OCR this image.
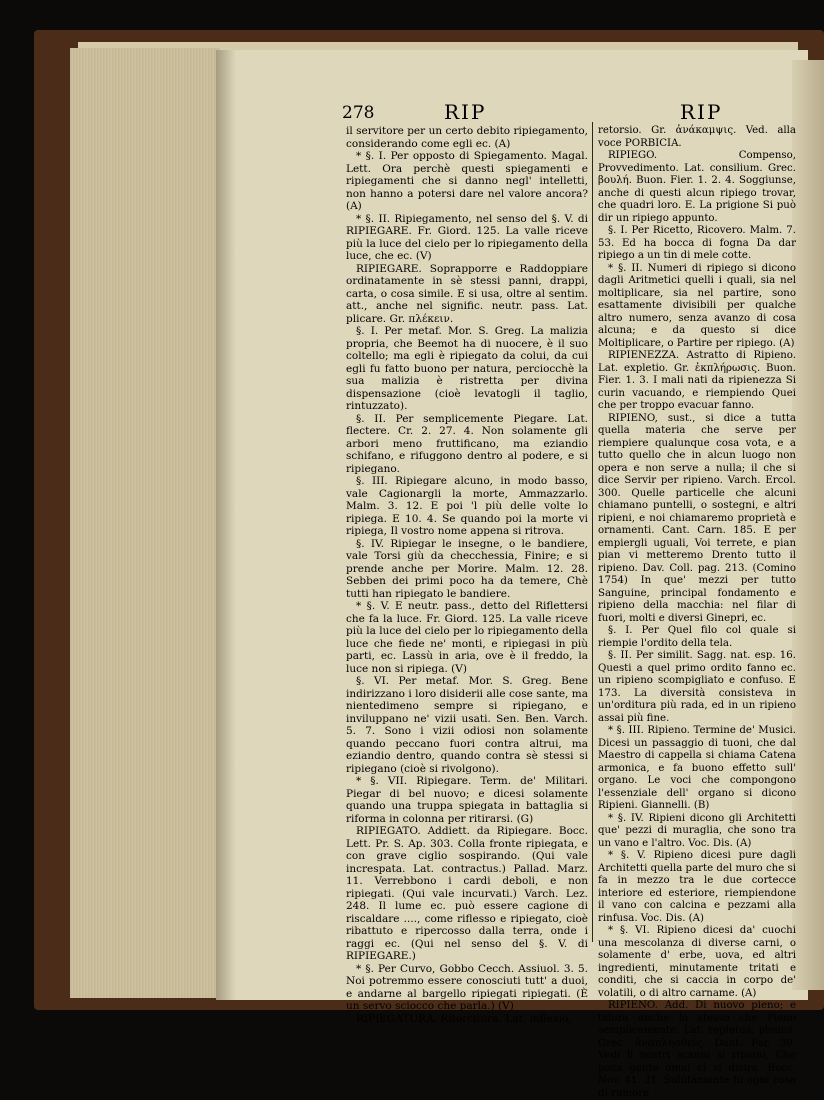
278	RIP	RIP

il servitore per un certo debito ripiegamento, considerando come egli ec. (A)

* §. I. Per opposto di Spiegamento. Magal. Lett. Ora perchè questi spiegamenti e ripiegamenti che si danno negl' intelletti, non hanno a potersi dare nel valore ancora? (A)

* §. II. Ripiegamento, nel senso del §. V. di RIPIEGARE. Fr. Giord. 125. La valle riceve più la luce del cielo per lo ripiegamento della luce, che ec. (V)

RIPIEGARE. Soprapporre e Raddoppiare ordinatamente in sè stessi panni, drappi, carta, o cosa simile. E si usa, oltre al sentim. att., anche nel signific. neutr. pass. Lat. plicare. Gr. πλέκειν.

§. I. Per metaf. Mor. S. Greg. La malizia propria, che Beemot ha di nuocere, è il suo coltello; ma egli è ripiegato da colui, da cui egli fu fatto buono per natura, perciocchè la sua malizia è ristretta per divina dispensazione (cioè levatogli il taglio, rintuzzato).

§. II. Per semplicemente Piegare. Lat. flectere. Cr. 2. 27. 4. Non solamente gli arbori meno fruttificano, ma eziandio schifano, e rifuggono dentro al podere, e si ripiegano.

§. III. Ripiegare alcuno, in modo basso, vale Cagionargli la morte, Ammazzarlo. Malm. 3. 12. E poi 'l più delle volte lo ripiega. E 10. 4. Se quando poi la morte vi ripiega, Il vostro nome appena si ritrova.

§. IV. Ripiegar le insegne, o le bandiere, vale Torsi giù da checchessia, Finire; e si prende anche per Morire. Malm. 12. 28. Sebben dei primi poco ha da temere, Chè tutti han ripiegato le bandiere.

* §. V. E neutr. pass., detto del Riflettersi che fa la luce. Fr. Giord. 125. La valle riceve più la luce del cielo per lo ripiegamento della luce che fiede ne' monti, e ripiegasi in più parti, ec. Lassù in aria, ove è il freddo, la luce non si ripiega. (V)

§. VI. Per metaf. Mor. S. Greg. Bene indirizzano i loro disiderii alle cose sante, ma nientedimeno sempre si ripiegano, e inviluppano ne' vizii usati. Sen. Ben. Varch. 5. 7. Sono i vizii odiosi non solamente quando peccano fuori contra altrui, ma eziandio dentro, quando contra sè stessi si ripiegano (cioè si rivolgono).

* §. VII. Ripiegare. Term. de' Militari. Piegar di bel nuovo; e dicesi solamente quando una truppa spiegata in battaglia si riforma in colonna per ritirarsi. (G)

RIPIEGATO. Addiett. da Ripiegare. Bocc. Lett. Pr. S. Ap. 303. Colla fronte ripiegata, e con grave ciglio sospirando. (Qui vale increspata. Lat. contractus.) Pallad. Marz. 11. Verrebbono i cardi deboli, e non ripiegati. (Qui vale incurvati.) Varch. Lez. 248. Il lume ec. può essere cagione di riscaldare ...., come riflesso e ripiegato, cioè ribattuto e ripercosso dalla terra, onde i raggi ec. (Qui nel senso del §. V. di RIPIEGARE.)

* §. Per Curvo, Gobbo Cecch. Assiuol. 3. 5. Noi potremmo essere conosciuti tutt' a duoi, e andarne al bargello ripiegati ripiegati. (È un servo sciocco che parla.) (V)

RIPIEGATURA. Ritorcitura. Lat. inflexio,

retorsio. Gr. ἀνάκαμψις. Ved. alla voce PORBICIA.

RIPIEGO. Compenso, Provvedimento. Lat. consilium. Grec. βουλή. Buon. Fier. 1. 2. 4. Soggiunse, anche di questi alcun ripiego trovar, che quadri loro. E. La prigione Si può dir un ripiego appunto.

§. I. Per Ricetto, Ricovero. Malm. 7. 53. Ed ha bocca di fogna Da dar ripiego a un tin di mele cotte.

* §. II. Numeri di ripiego si dicono dagli Aritmetici quelli i quali, sia nel moltiplicare, sia nel partire, sono esattamente divisibili per qualche altro numero, senza avanzo di cosa alcuna; e da questo si dice Moltiplicare, o Partire per ripiego. (A)

RIPIENEZZA. Astratto di Ripieno. Lat. expletio. Gr. ἐκπλήρωσις. Buon. Fier. 1. 3. I mali nati da ripienezza Si curin vacuando, e riempiendo Quei che per troppo evacuar fanno.

RIPIENO, sust., si dice a tutta quella materia che serve per riempiere qualunque cosa vota, e a tutto quello che in alcun luogo non opera e non serve a nulla; il che si dice Servir per ripieno. Varch. Ercol. 300. Quelle particelle che alcuni chiamano puntelli, o sostegni, e altri ripieni, e noi chiamaremo proprietà e ornamenti. Cant. Carn. 185. E per empiergli uguali, Voi terrete, e pian pian vi metteremo Drento tutto il ripieno. Dav. Coll. pag. 213. (Comino 1754) In que' mezzi per tutto Sanguine, principal fondamento e ripieno della macchia: nel filar di fuori, molti e diversi Ginepri, ec.

§. I. Per Quel filo col quale si riempie l'ordito della tela.

§. II. Per similit. Sagg. nat. esp. 16. Questi a quel primo ordito fanno ec. un ripieno scompigliato e confuso. E 173. La diversità consisteva in un'orditura più rada, ed in un ripieno assai più fine.

* §. III. Ripieno. Termine de' Musici. Dicesi un passaggio di tuoni, che dal Maestro di cappella si chiama Catena armonica, e fa buono effetto sull' organo. Le voci che compongono l'essenziale dell' organo si dicono Ripieni. Giannelli. (B)

* §. IV. Ripieni dicono gli Architetti que' pezzi di muraglia, che sono tra un vano e l'altro. Voc. Dis. (A)

* §. V. Ripieno dicesi pure dagli Architetti quella parte del muro che si fa in mezzo tra le due cortecce interiore ed esteriore, riempiendone il vano con calcina e pezzami alla rinfusa. Voc. Dis. (A)

* §. VI. Ripieno dicesi da' cuochi una mescolanza di diverse carni, o solamente d' erbe, uova, ed altri ingredienti, minutamente tritati e conditi, che si caccia in corpo de' volatili, o di altro carname. (A)

RIPIENO. Add. Di nuovo pieno; e talora anche lo stesso che Pieno semplicemente. Lat. repletus, plenus. Grec. ἀναπλησθείς. Dant. Par. 30. Vedi li nostri scanni sì ripieni, Che poca gente omai ci si disira. Bocc. Nov. 41. 31. Subitamente fu ogni cosa di rumore
